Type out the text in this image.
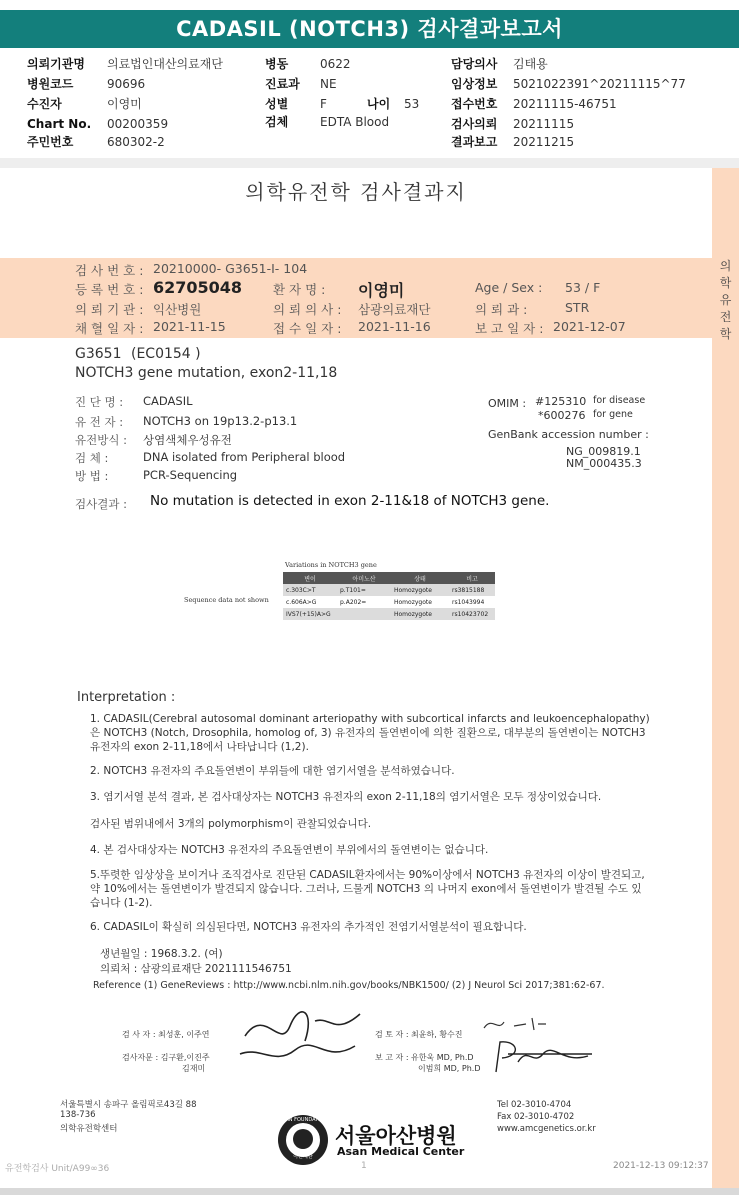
CADASIL (NOTCH3) 검사결과보고서
의뢰기관명 의료법인대산의료재단
병원코드	90696
수진자	이영미
Chart No. 00200359
주민번호	680302-2
병동	0622
진료과 NE
성별	F	나이 53
검체	EDTA Blood
담당의사 김태용
임상정보 5021022391^20211115^77
접수번호 20211115-46751
검사의뢰 20211115
결과보고 20211215
의학유전학 검사결과지
검 사 번 호 : 20210000- G3651-I- 104
등 록 번 호 : 62705048 환 자 명 : 이영미	Age / Sex : 53 / F
의 뢰 기 관 : 익산병원	의 뢰 의 사 : 삼광의료재단	의 뢰 과 :	STR
채 혈 일 자 : 2021-11-15	접 수 일 자 : 2021-11-16	보 고 일 자 : 2021-12-07
의
학
유
전
학
G3651 (EC0154 )
NOTCH3 gene mutation, exon2-11,18
진 단 명 : CADASIL
유 전 자 : NOTCH3 on 19p13.2-p13.1
유전방식 : 상염색체우성유전
검 체 :	DNA isolated from Peripheral blood
방 법 :	PCR-Sequencing
OMIM : #125310 for disease
*600276 for gene
GenBank accession number :
NG_009819.1
NM_000435.3
검사결과 : No mutation is detected in exon 2-11&18 of NOTCH3 gene.
Sequence data not shown
Variations in NOTCH3 gene
변이	아미노산	상태	비고
c.303C>T	p.T101=	Homozygote	rs3815188
c.606A>G	p.A202=	Homozygote	rs1043994
IVS7(+15)A>G		Homozygote	rs10423702
Interpretation :
1. CADASIL(Cerebral autosomal dominant arteriopathy with subcortical infarcts and leukoencephalopathy)은 NOTCH3 (Notch, Drosophila, homolog of, 3) 유전자의 돌연변이에 의한 질환으로, 대부분의 돌연변이는 NOTCH3 유전자의 exon 2-11,18에서 나타납니다 (1,2).
2. NOTCH3 유전자의 주요돌연변이 부위들에 대한 염기서열을 분석하였습니다.
3. 염기서열 분석 결과, 본 검사대상자는 NOTCH3 유전자의 exon 2-11,18의 염기서열은 모두 정상이었습니다.
검사된 범위내에서 3개의 polymorphism이 관찰되었습니다.
4. 본 검사대상자는 NOTCH3 유전자의 주요돌연변이 부위에서의 돌연변이는 없습니다.
5.뚜렷한 임상상을 보이거나 조직검사로 진단된 CADASIL환자에서는 90%이상에서 NOTCH3 유전자의 이상이 발견되고, 약 10%에서는 돌연변이가 발견되지 않습니다. 그러나, 드물게 NOTCH3 의 나머지 exon에서 돌연변이가 발견될 수도 있습니다 (1-2).
6. CADASIL이 확실히 의심된다면, NOTCH3 유전자의 추가적인 전염기서열분석이 필요합니다.
생년월일 : 1968.3.2. (여)
의뢰처 : 삼광의료재단 2021111546751
Reference (1) GeneReviews : http://www.ncbi.nlm.nih.gov/books/NBK1500/ (2) J Neurol Sci 2017;381:62-67.
검 사 자 : 최성훈, 이주연	검 토 자 : 최윤하, 황수진
검사자문 : 김구환,이진주
김재미
보 고 자 : 유한욱 MD, Ph.D
이범희 MD, Ph.D
서울특별시 송파구 올림픽로43길 88
138-736
의학유전학센터
Tel 02-3010-4704
Fax 02-3010-4702
www.amcgenetics.or.kr
ASAN FOUNDATION
아산재단
서울아산병원
Asan Medical Center
유전학검사 Unit/A99∞36	1	2021-12-13 09:12:37
